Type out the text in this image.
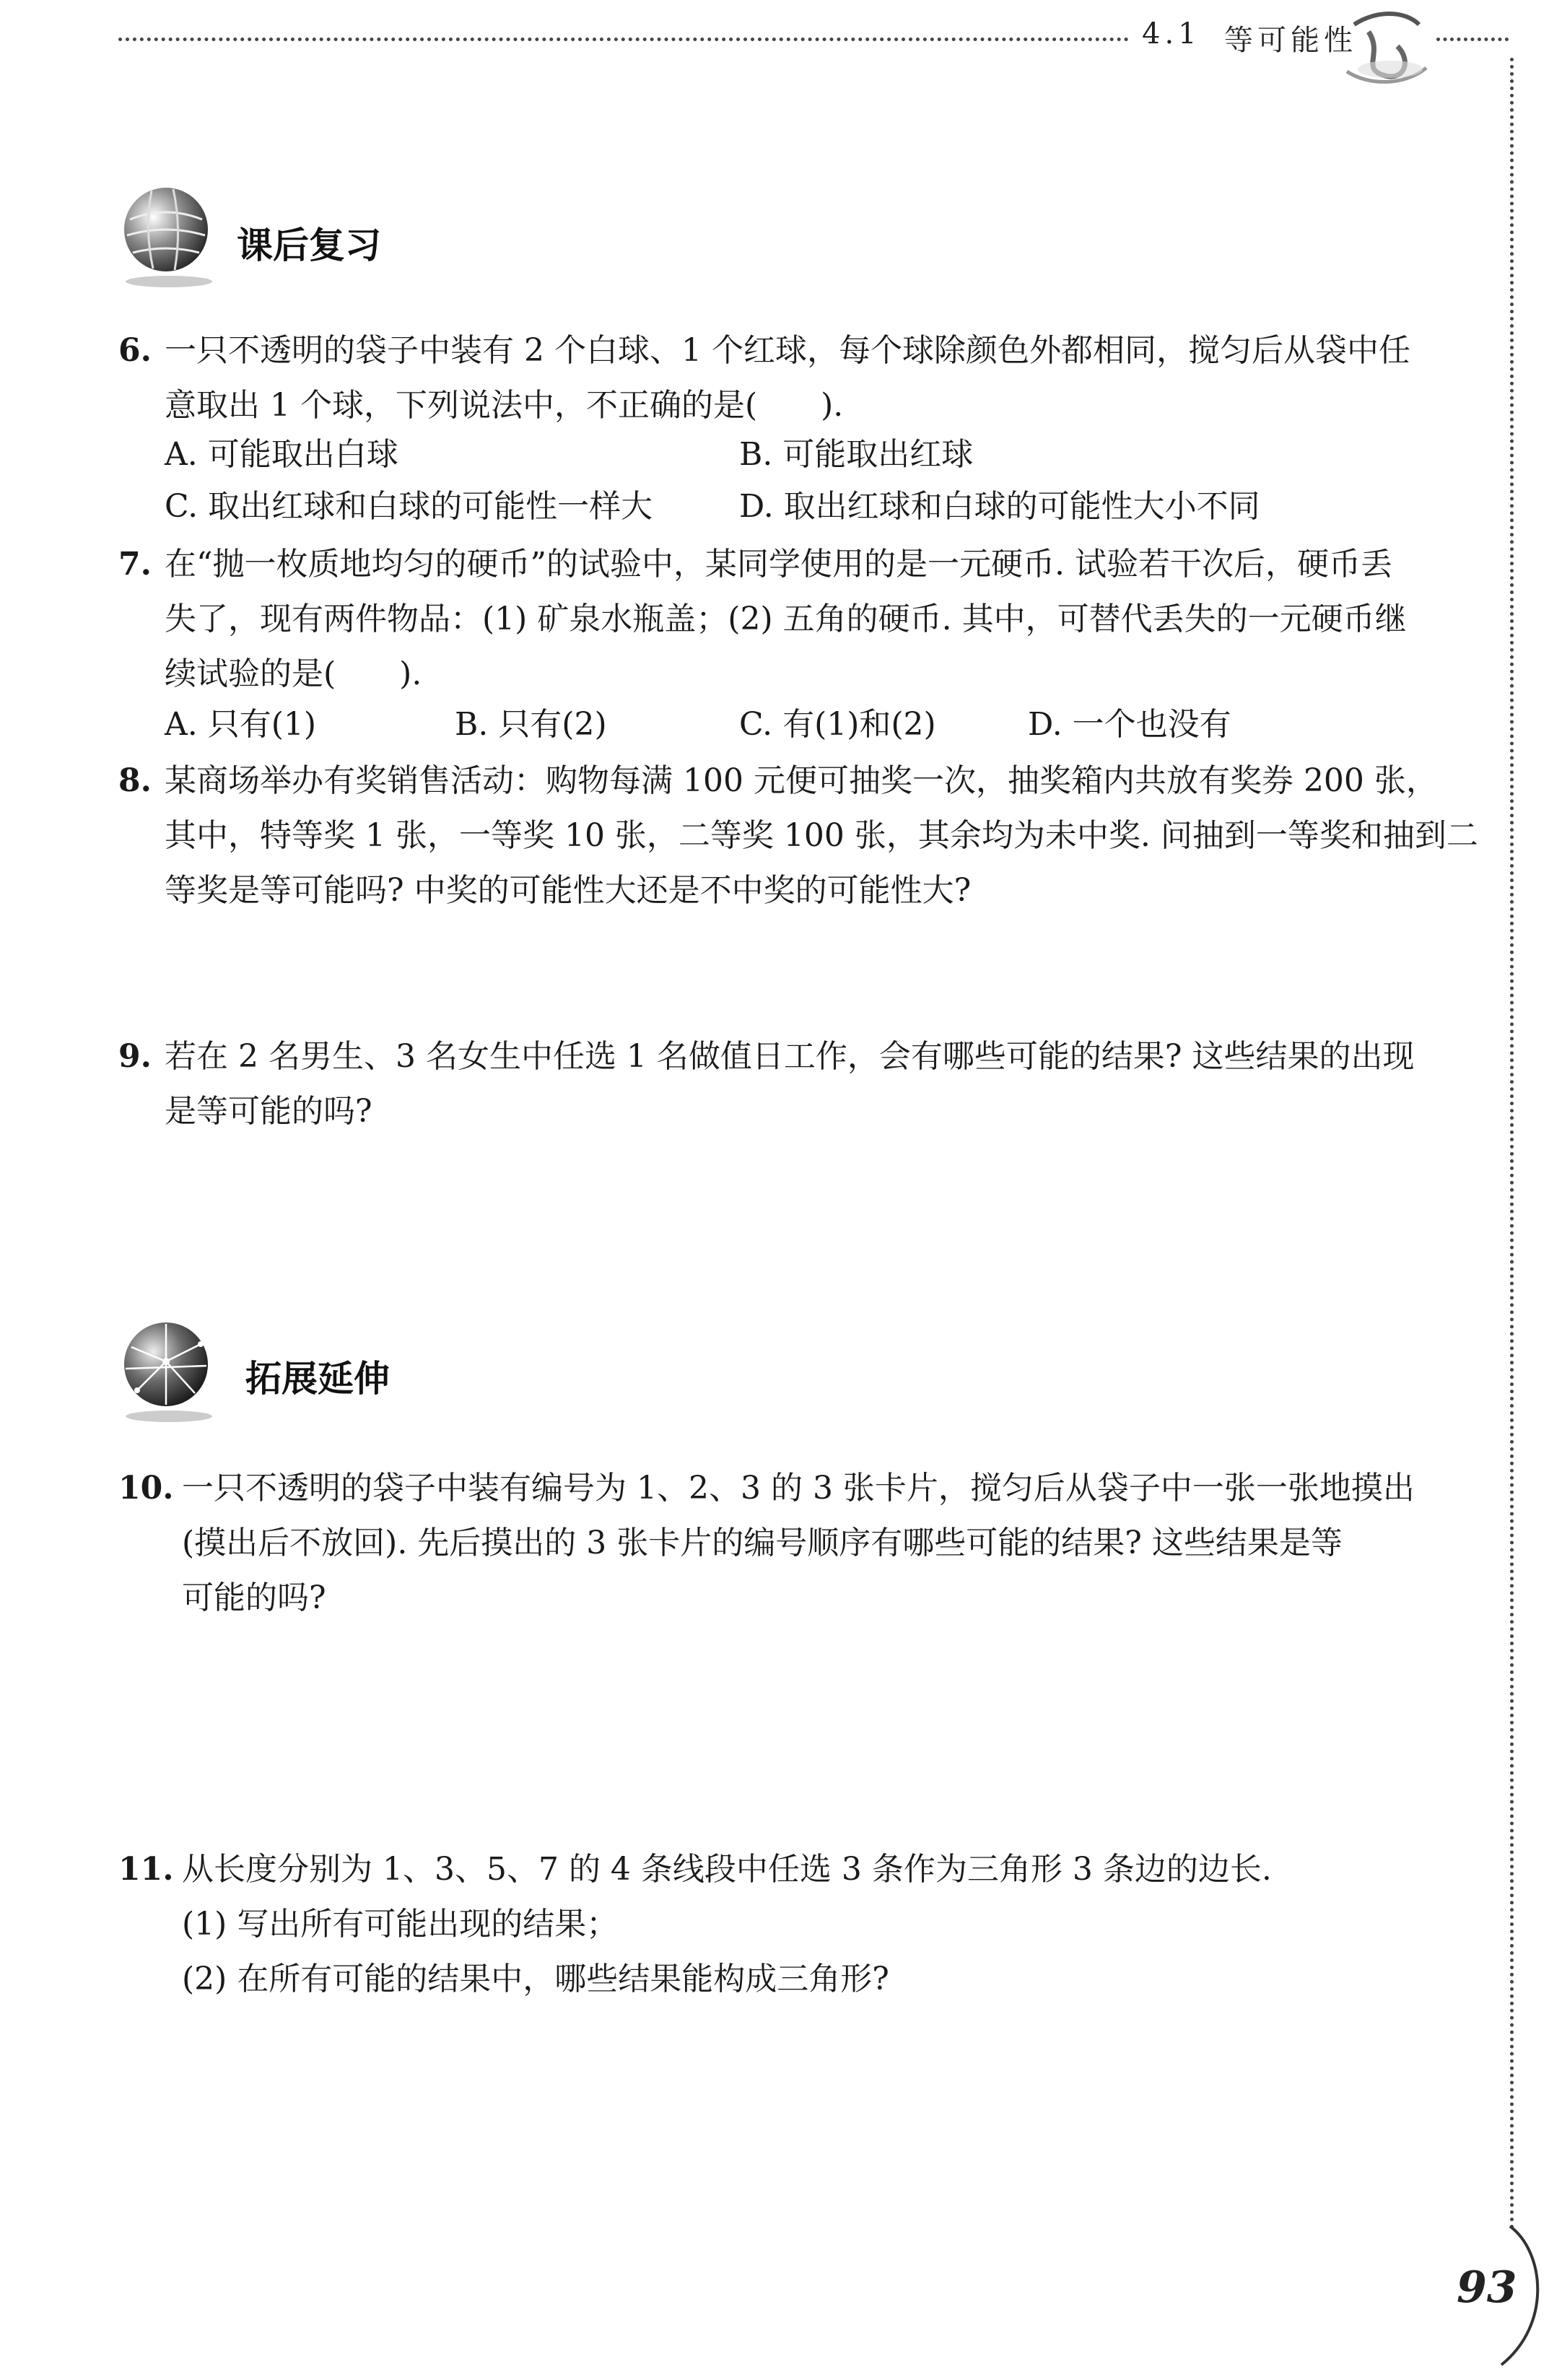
4.1 等可能性
课后复习
6. 一只不透明的袋子中装有 2 个白球、1 个红球，每个球除颜色外都相同，搅匀后从袋中任
意取出 1 个球，下列说法中，不正确的是(　　).
A. 可能取出白球	B. 可能取出红球
C. 取出红球和白球的可能性一样大	D. 取出红球和白球的可能性大小不同
7. 在“抛一枚质地均匀的硬币”的试验中，某同学使用的是一元硬币. 试验若干次后，硬币丢
失了，现有两件物品：(1) 矿泉水瓶盖；(2) 五角的硬币. 其中，可替代丢失的一元硬币继
续试验的是(　　).
A. 只有(1)	B. 只有(2)	C. 有(1)和(2)	D. 一个也没有
8. 某商场举办有奖销售活动：购物每满 100 元便可抽奖一次，抽奖箱内共放有奖券 200 张，
其中，特等奖 1 张，一等奖 10 张，二等奖 100 张，其余均为未中奖. 问抽到一等奖和抽到二
等奖是等可能吗? 中奖的可能性大还是不中奖的可能性大?
9. 若在 2 名男生、3 名女生中任选 1 名做值日工作，会有哪些可能的结果? 这些结果的出现
是等可能的吗?
拓展延伸
10. 一只不透明的袋子中装有编号为 1、2、3 的 3 张卡片，搅匀后从袋子中一张一张地摸出
(摸出后不放回). 先后摸出的 3 张卡片的编号顺序有哪些可能的结果? 这些结果是等
可能的吗?
11. 从长度分别为 1、3、5、7 的 4 条线段中任选 3 条作为三角形 3 条边的边长.
(1) 写出所有可能出现的结果；
(2) 在所有可能的结果中，哪些结果能构成三角形?
93
